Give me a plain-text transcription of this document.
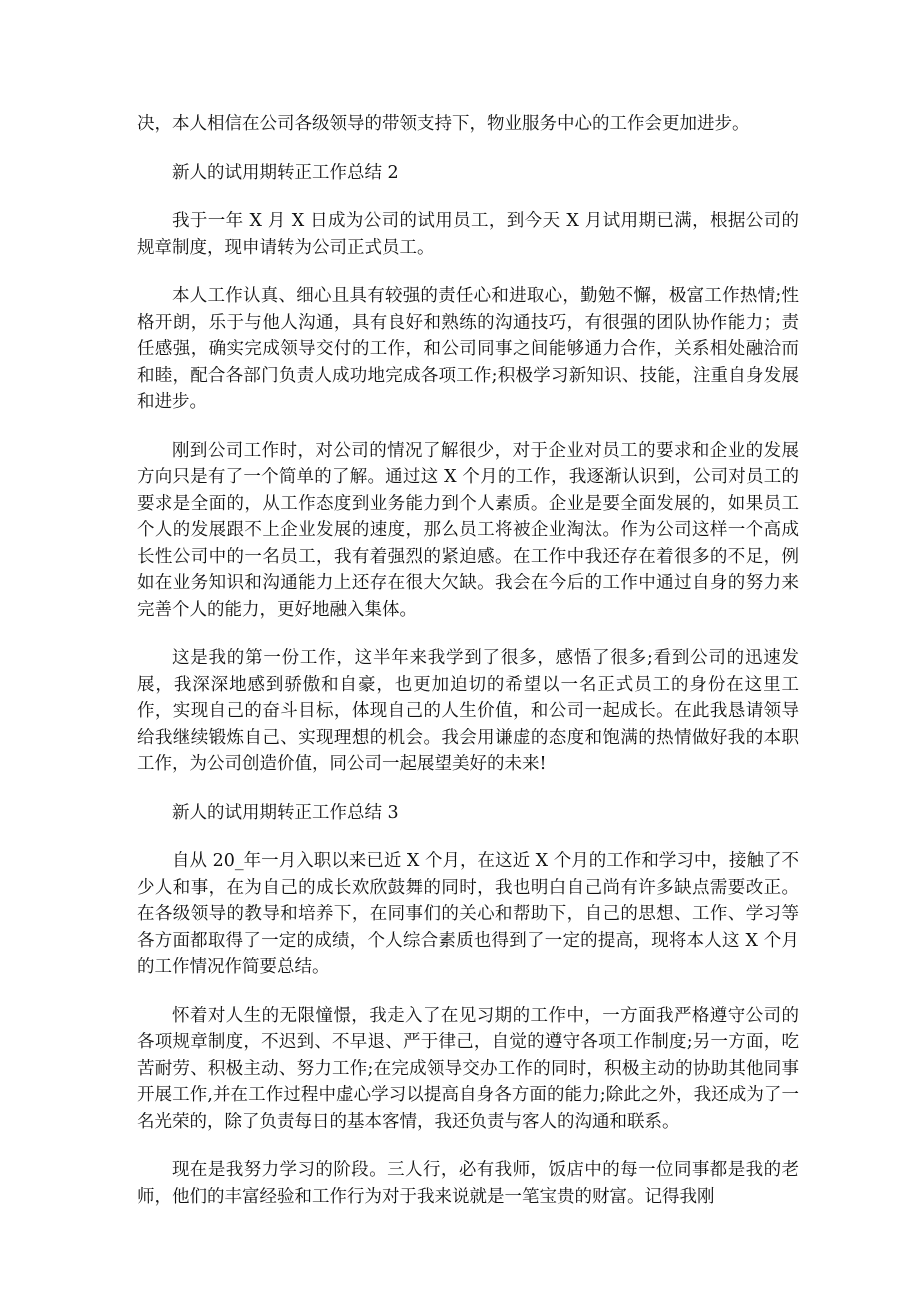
决，本人相信在公司各级领导的带领支持下，物业服务中心的工作会更加进步。

新人的试用期转正工作总结 2

我于一年 X 月 X 日成为公司的试用员工，到今天 X 月试用期已满，根据公司的规章制度，现申请转为公司正式员工。

本人工作认真、细心且具有较强的责任心和进取心，勤勉不懈，极富工作热情;性格开朗，乐于与他人沟通，具有良好和熟练的沟通技巧，有很强的团队协作能力；责任感强，确实完成领导交付的工作，和公司同事之间能够通力合作，关系相处融洽而和睦，配合各部门负责人成功地完成各项工作;积极学习新知识、技能，注重自身发展和进步。

刚到公司工作时，对公司的情况了解很少，对于企业对员工的要求和企业的发展方向只是有了一个简单的了解。通过这 X 个月的工作，我逐渐认识到，公司对员工的要求是全面的，从工作态度到业务能力到个人素质。企业是要全面发展的，如果员工个人的发展跟不上企业发展的速度，那么员工将被企业淘汰。作为公司这样一个高成长性公司中的一名员工，我有着强烈的紧迫感。在工作中我还存在着很多的不足，例如在业务知识和沟通能力上还存在很大欠缺。我会在今后的工作中通过自身的努力来完善个人的能力，更好地融入集体。

这是我的第一份工作，这半年来我学到了很多，感悟了很多;看到公司的迅速发展，我深深地感到骄傲和自豪，也更加迫切的希望以一名正式员工的身份在这里工作，实现自己的奋斗目标，体现自己的人生价值，和公司一起成长。在此我恳请领导给我继续锻炼自己、实现理想的机会。我会用谦虚的态度和饱满的热情做好我的本职工作，为公司创造价值，同公司一起展望美好的未来!

新人的试用期转正工作总结 3

自从 20_年一月入职以来已近 X 个月，在这近 X 个月的工作和学习中，接触了不少人和事，在为自己的成长欢欣鼓舞的同时，我也明白自己尚有许多缺点需要改正。在各级领导的教导和培养下，在同事们的关心和帮助下，自己的思想、工作、学习等各方面都取得了一定的成绩，个人综合素质也得到了一定的提高，现将本人这 X 个月的工作情况作简要总结。

怀着对人生的无限憧憬，我走入了在见习期的工作中，一方面我严格遵守公司的各项规章制度，不迟到、不早退、严于律己，自觉的遵守各项工作制度;另一方面，吃苦耐劳、积极主动、努力工作;在完成领导交办工作的同时，积极主动的协助其他同事开展工作,并在工作过程中虚心学习以提高自身各方面的能力;除此之外，我还成为了一名光荣的，除了负责每日的基本客情，我还负责与客人的沟通和联系。

现在是我努力学习的阶段。三人行，必有我师，饭店中的每一位同事都是我的老师，他们的丰富经验和工作行为对于我来说就是一笔宝贵的财富。记得我刚
